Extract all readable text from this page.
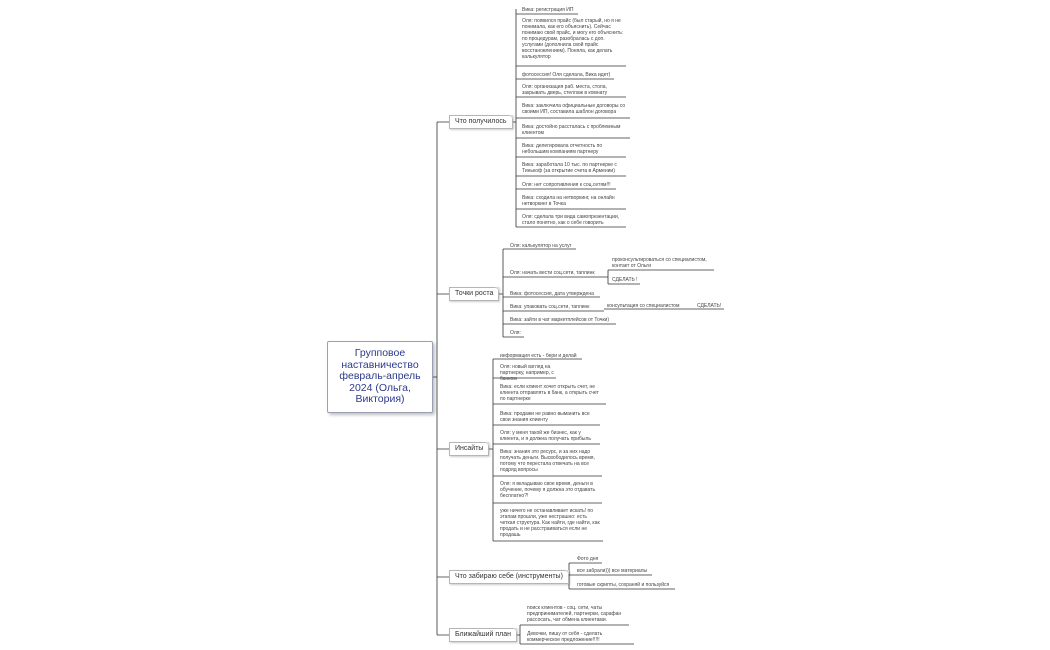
Групповое наставничество февраль-апрель 2024 (Ольга, Виктория)
Что получилось
Вика: регистрация ИП
Оля: появился прайс (был старый, но я не понимала, как его объяснить). Сейчас понимаю свой прайс, и могу его объяснить: по процедурам, разобралась с доп. услугами (дополнила свой прайс восстановлением). Поняла, как делать калькулятор
фотосессия! Оля сделала, Вика идет)
Оля: организация раб. места, стола, закрывать дверь, стеллаж в комнату
Вика: заключила официальные договоры со своими ИП, составила шаблон договора
Вика: достойно рассталась с проблемным клиентом
Вика: делегировала отчетность по небольшим компаниям партнеру
Вика: заработала 10 тыс. по партнерке с Тинькоф (за открытие счета в Армении)
Оля: нет сопротивления к соц.сетям!!!
Вика: сходила на нетворкинг, на онлайн нетворкинг в Точка
Оля: сделала три вида самопрезентации, стало понятно, как о себе говорить
Точки роста
Оля: калькулятор на услуг
Оля: начать вести соц.сети, таплинк
Вика: фотосессия, дата утверждена
Вика: упаковать соц.сети, таплинк
Вика: зайти в чат маркетплейсов от Точки)
Оля:
проконсультироваться со специалистом, контакт от Ольги
СДЕЛАТЬ !
консультация со специалистом	СДЕЛАТЬ!
Инсайты
информация есть - бери и делай
Оля: новый взгляд на партнерку, например, с банком
Вика: если клиент хочет открыть счет, не клиента отправлять в банк, а открыть счет по партнерке
Вика: продажи не равно выманить все свои знания клиенту
Оля: у меня такой же бизнес, как у клиента, и я должна получать прибыль
Вика: знания это ресурс, и за них надо получать деньги. Высвободилось время, потому что перестала отвечать на все подряд вопросы
Оля: я вкладываю свое время, деньги в обучение, почему я должна это отдавать бесплатно?!
уже ничего не останавливает искать! по этапам прошли, уже нестрашно: есть четкая структура. Как найти, где найти, как продать и не расстраиваться если не продашь
Что забираю себе (инструменты)
Фото дня
все забрали))) все материалы
готовые скрипты, сохраняй и пользуйся
Ближайший план
поиск клиентов - соц. сети, чаты предпринимателей, партнерки, сарафан рассосать, чат обмена клиентами.
Девочки, пишу от себя - сделать коммерческое предложение!!!!!
